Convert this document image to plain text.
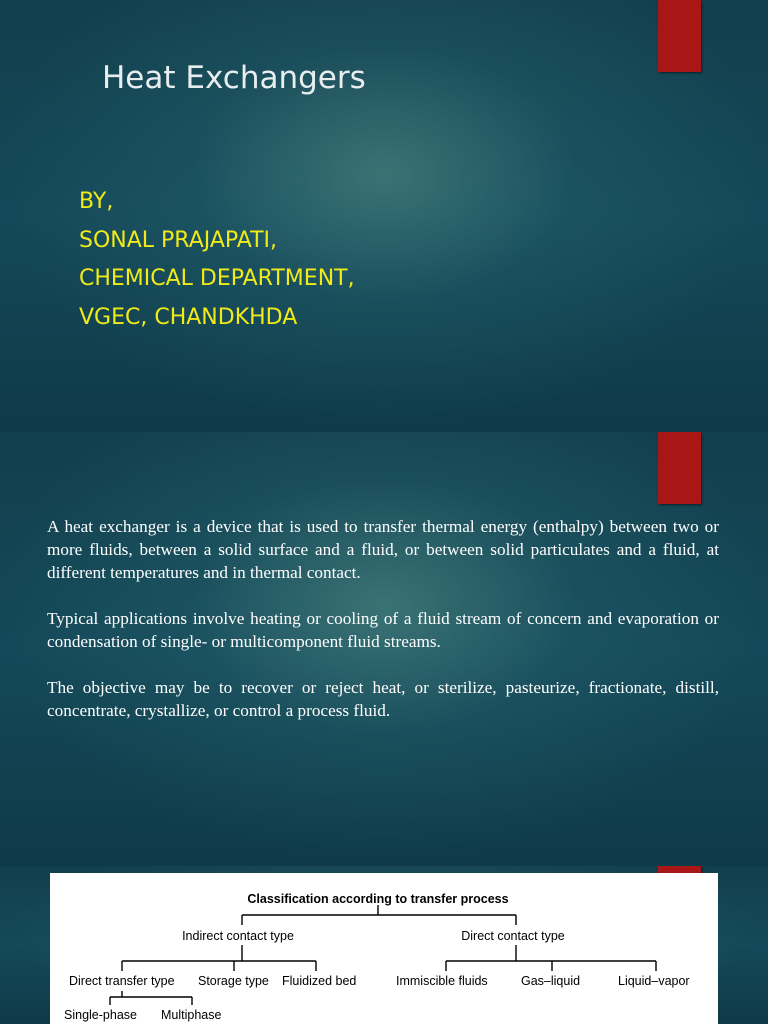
Heat Exchangers
BY,
SONAL PRAJAPATI,
CHEMICAL DEPARTMENT,
VGEC, CHANDKHDA

A heat exchanger is a device that is used to transfer thermal energy (enthalpy) between two or more fluids, between a solid surface and a fluid, or between solid particulates and a fluid, at different temperatures and in thermal contact.

Typical applications involve heating or cooling of a fluid stream of concern and evaporation or condensation of single- or multicomponent fluid streams.

The objective may be to recover or reject heat, or sterilize, pasteurize, fractionate, distill, concentrate, crystallize, or control a process fluid.

Classification according to transfer process
Indirect contact type	Direct contact type
Direct transfer type Storage type Fluidized bed	Immiscible fluids	Gas–liquid	Liquid–vapor
Single-phase Multiphase
